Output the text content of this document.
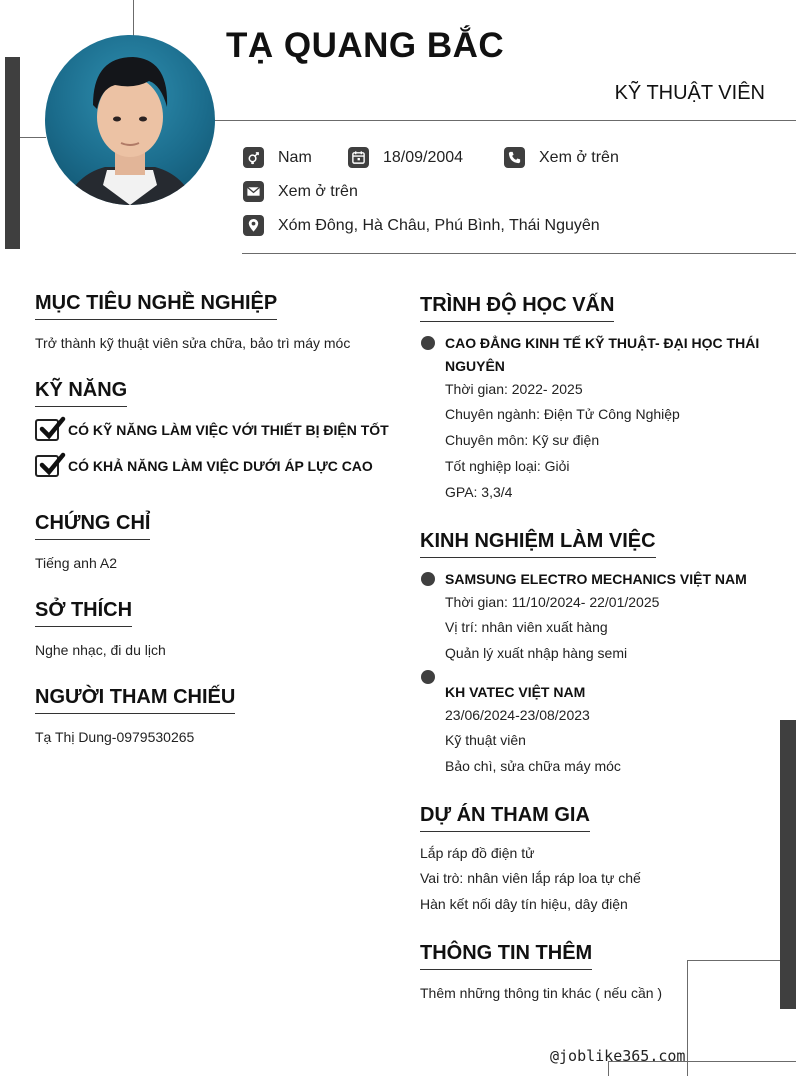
TẠ QUANG BẮC
KỸ THUẬT VIÊN
Nam	18/09/2004	Xem ở trên
Xem ở trên
Xóm Đông, Hà Châu, Phú Bình, Thái Nguyên
MỤC TIÊU NGHỀ NGHIỆP
Trở thành kỹ thuật viên sửa chữa, bảo trì máy móc
KỸ NĂNG
CÓ KỸ NĂNG LÀM VIỆC VỚI THIẾT BỊ ĐIỆN TỐT
CÓ KHẢ NĂNG LÀM VIỆC DƯỚI ÁP LỰC CAO
CHỨNG CHỈ
Tiếng anh A2
SỞ THÍCH
Nghe nhạc, đi du lịch
NGƯỜI THAM CHIẾU
Tạ Thị Dung-0979530265
TRÌNH ĐỘ HỌC VẤN
CAO ĐẲNG KINH TẾ KỸ THUẬT- ĐẠI HỌC THÁI
NGUYÊN
Thời gian: 2022- 2025
Chuyên ngành: Điện Tử Công Nghiệp
Chuyên môn: Kỹ sư điện
Tốt nghiệp loại: Giỏi
GPA: 3,3/4
KINH NGHIỆM LÀM VIỆC
SAMSUNG ELECTRO MECHANICS VIỆT NAM
Thời gian: 11/10/2024- 22/01/2025
Vị trí: nhân viên xuất hàng
Quản lý xuất nhập hàng semi
KH VATEC VIỆT NAM
23/06/2024-23/08/2023
Kỹ thuật viên
Bảo chì, sửa chữa máy móc
DỰ ÁN THAM GIA
Lắp ráp đồ điện tử
Vai trò: nhân viên lắp ráp loa tự chế
Hàn kết nối dây tín hiệu, dây điện
THÔNG TIN THÊM
Thêm những thông tin khác ( nếu cần )
@joblike365.com
